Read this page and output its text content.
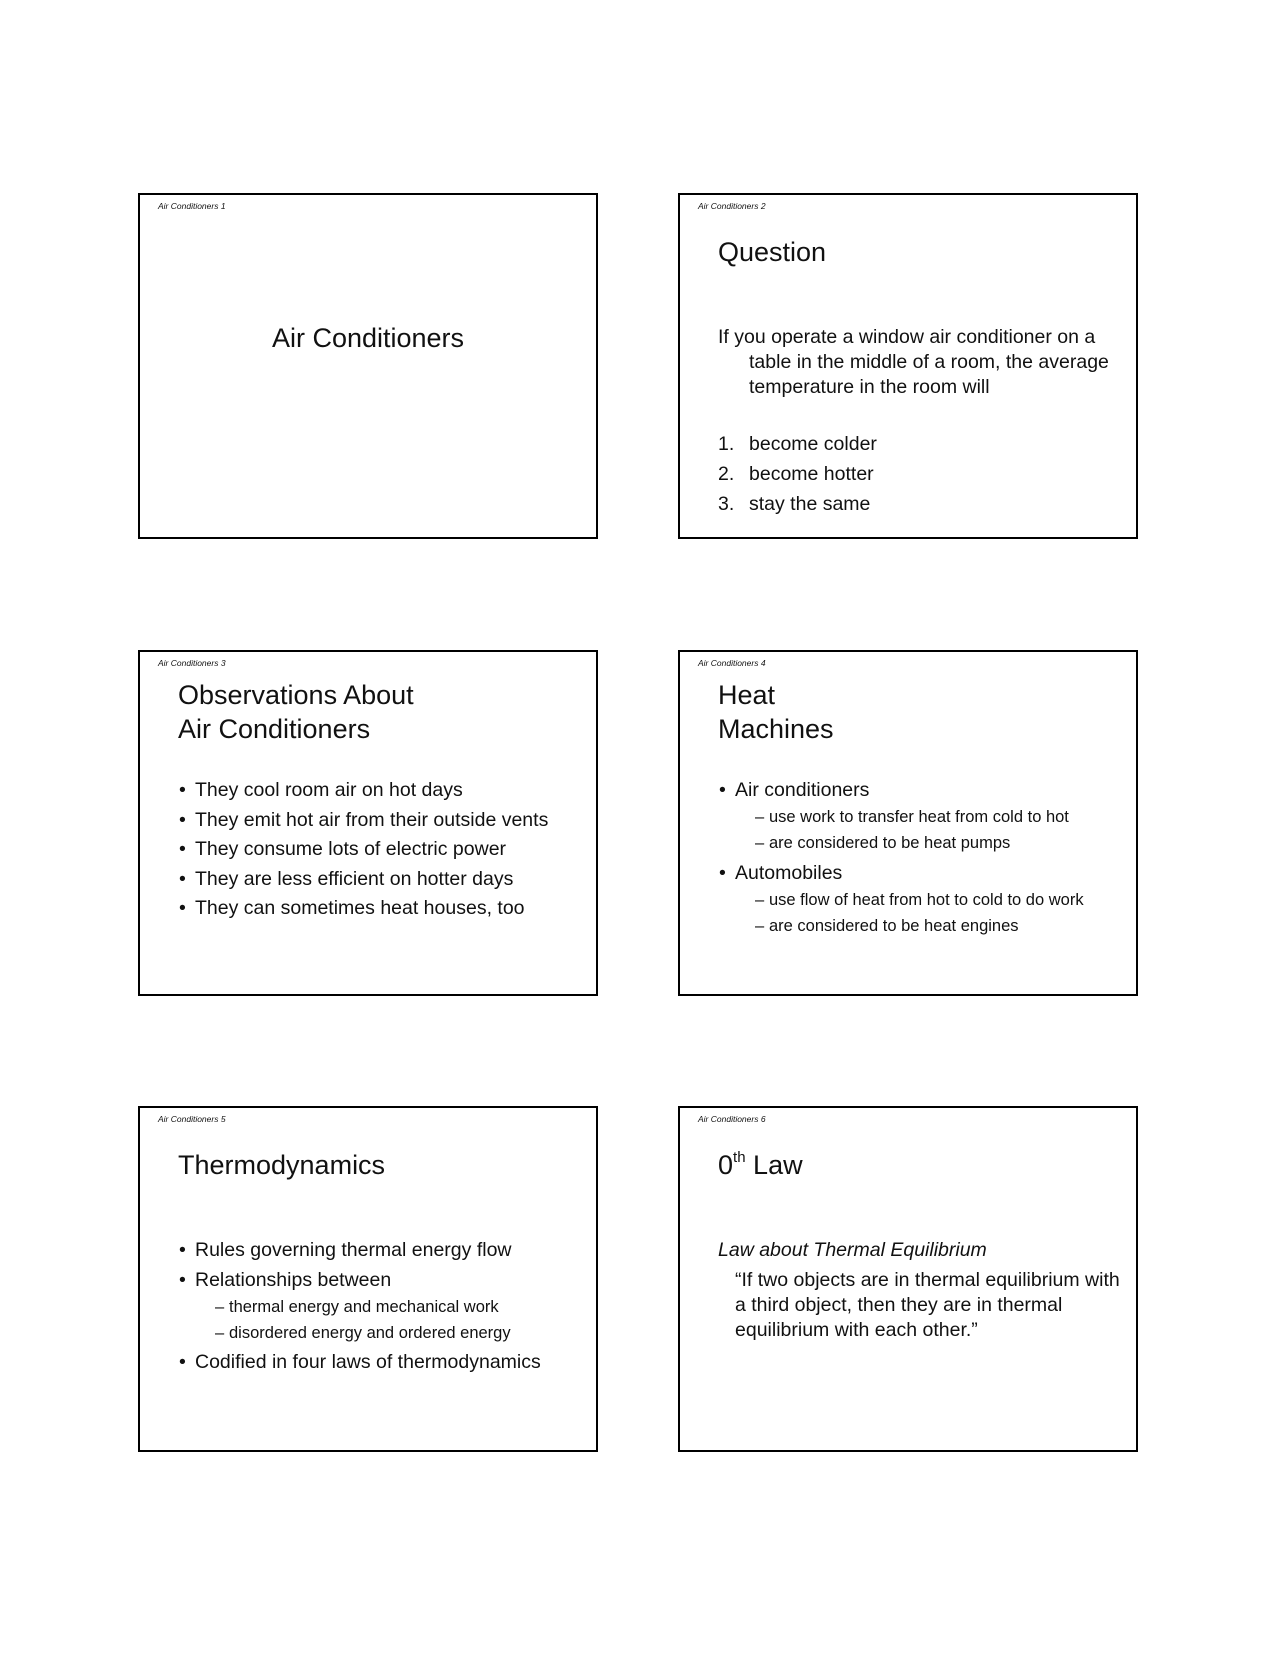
Air Conditioners 1
Air Conditioners
Air Conditioners 2
Question
If you operate a window air conditioner on a table in the middle of a room, the average temperature in the room will
1. become colder
2. become hotter
3. stay the same
Air Conditioners 3
Observations About
Air Conditioners
• They cool room air on hot days
• They emit hot air from their outside vents
• They consume lots of electric power
• They are less efficient on hotter days
• They can sometimes heat houses, too
Air Conditioners 4
Heat
Machines
• Air conditioners
– use work to transfer heat from cold to hot
– are considered to be heat pumps
• Automobiles
– use flow of heat from hot to cold to do work
– are considered to be heat engines
Air Conditioners 5
Thermodynamics
• Rules governing thermal energy flow
• Relationships between
– thermal energy and mechanical work
– disordered energy and ordered energy
• Codified in four laws of thermodynamics
Air Conditioners 6
0th Law
Law about Thermal Equilibrium
“If two objects are in thermal equilibrium with a third object, then they are in thermal equilibrium with each other.”
